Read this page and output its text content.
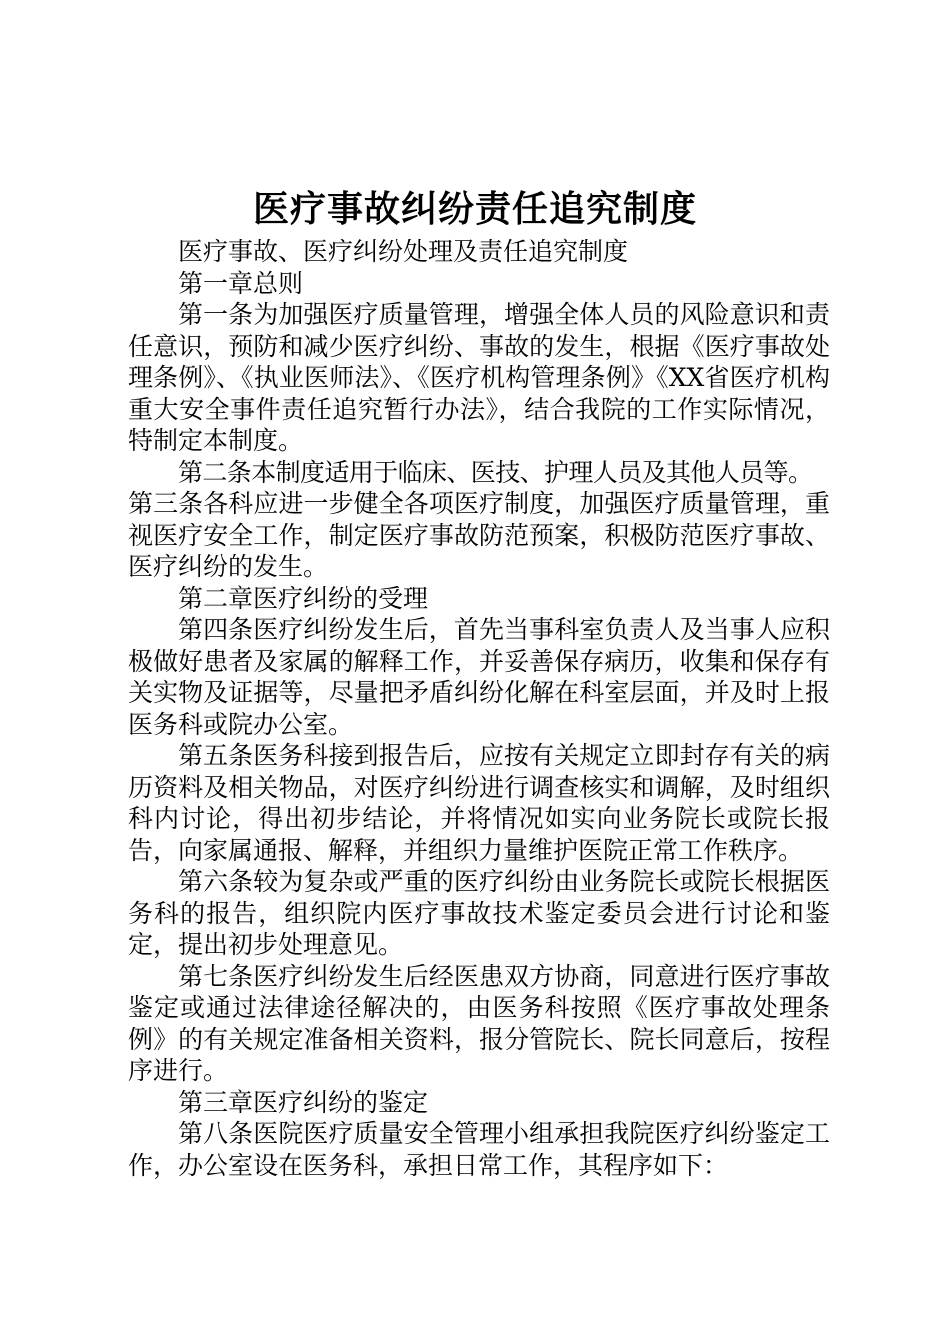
医疗事故纠纷责任追究制度

医疗事故、医疗纠纷处理及责任追究制度

第一章总则

第一条为加强医疗质量管理，增强全体人员的风险意识和责任意识，预防和减少医疗纠纷、事故的发生，根据《医疗事故处理条例》、《执业医师法》、《医疗机构管理条例》《XX省医疗机构重大安全事件责任追究暂行办法》，结合我院的工作实际情况，特制定本制度。

第二条本制度适用于临床、医技、护理人员及其他人员等。

第三条各科应进一步健全各项医疗制度，加强医疗质量管理，重视医疗安全工作，制定医疗事故防范预案，积极防范医疗事故、医疗纠纷的发生。

第二章医疗纠纷的受理

第四条医疗纠纷发生后，首先当事科室负责人及当事人应积极做好患者及家属的解释工作，并妥善保存病历，收集和保存有关实物及证据等，尽量把矛盾纠纷化解在科室层面，并及时上报医务科或院办公室。

第五条医务科接到报告后，应按有关规定立即封存有关的病历资料及相关物品，对医疗纠纷进行调查核实和调解，及时组织科内讨论，得出初步结论，并将情况如实向业务院长或院长报告，向家属通报、解释，并组织力量维护医院正常工作秩序。

第六条较为复杂或严重的医疗纠纷由业务院长或院长根据医务科的报告，组织院内医疗事故技术鉴定委员会进行讨论和鉴定，提出初步处理意见。

第七条医疗纠纷发生后经医患双方协商，同意进行医疗事故鉴定或通过法律途径解决的，由医务科按照《医疗事故处理条例》的有关规定准备相关资料，报分管院长、院长同意后，按程序进行。

第三章医疗纠纷的鉴定

第八条医院医疗质量安全管理小组承担我院医疗纠纷鉴定工作，办公室设在医务科，承担日常工作，其程序如下：
